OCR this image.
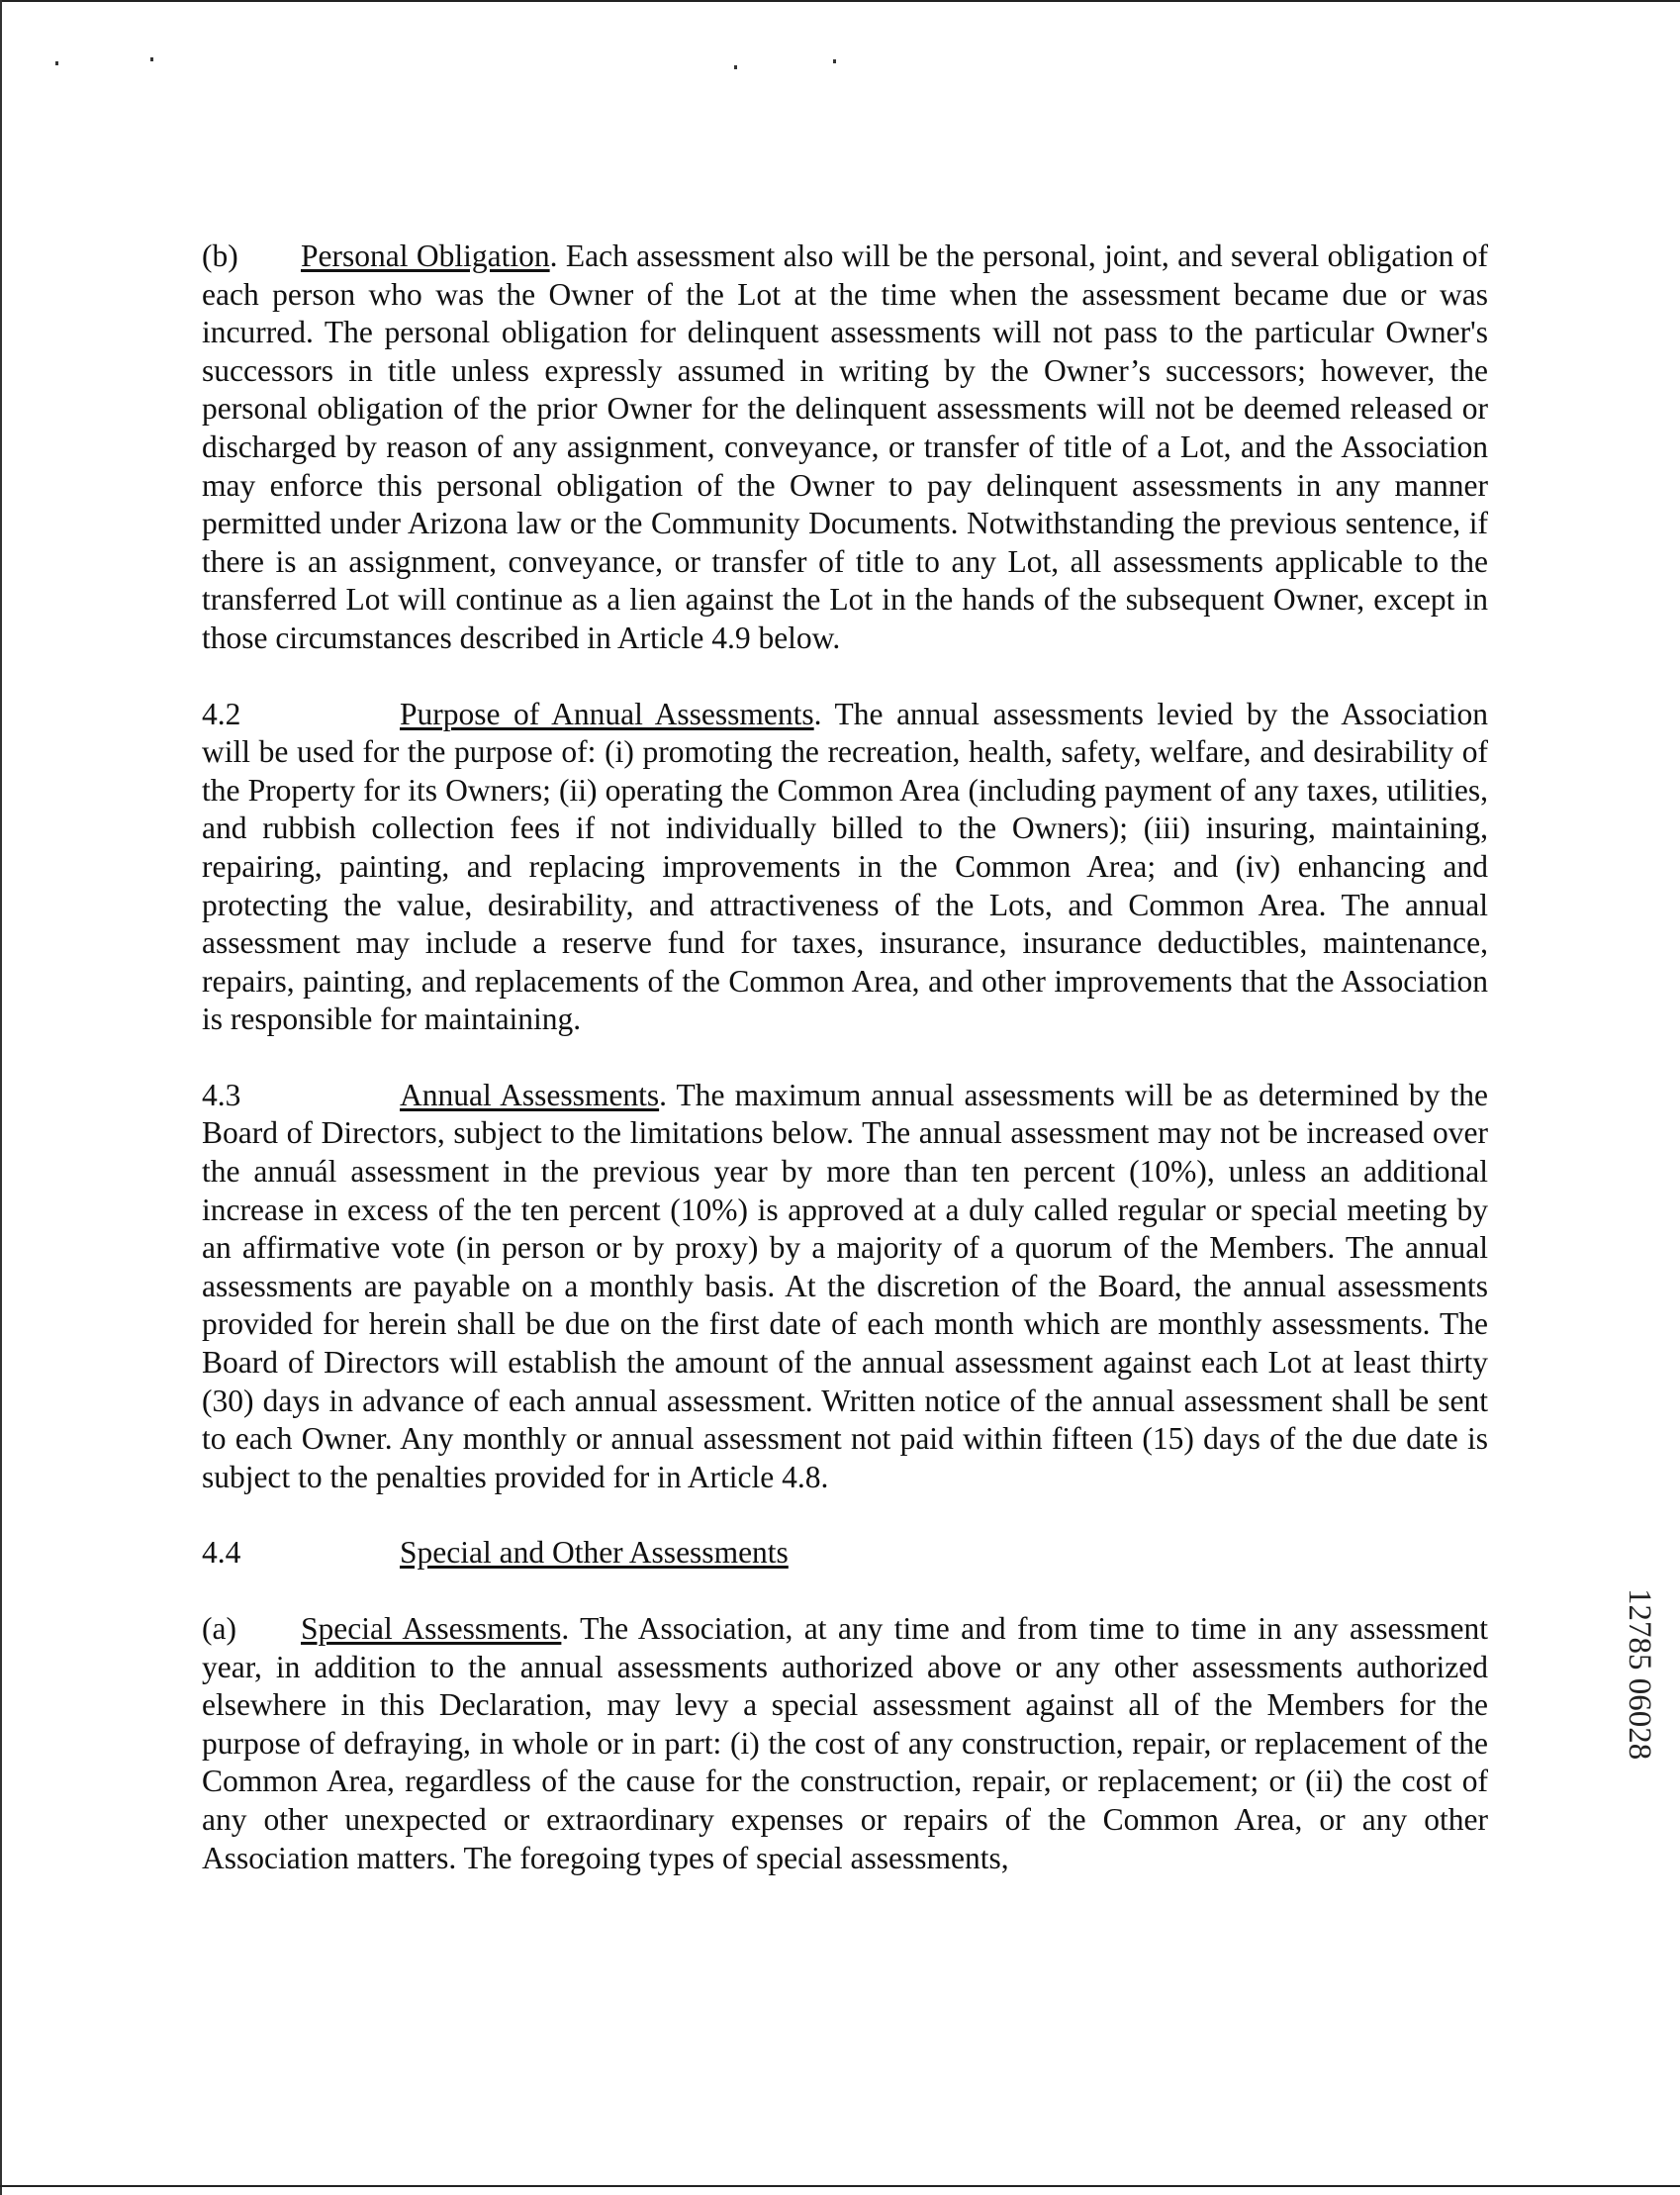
(b) Personal Obligation. Each assessment also will be the personal, joint, and several obligation of each person who was the Owner of the Lot at the time when the assessment became due or was incurred. The personal obligation for delinquent assessments will not pass to the particular Owner's successors in title unless expressly assumed in writing by the Owner’s successors; however, the personal obligation of the prior Owner for the delinquent assessments will not be deemed released or discharged by reason of any assignment, conveyance, or transfer of title of a Lot, and the Association may enforce this personal obligation of the Owner to pay delinquent assessments in any manner permitted under Arizona law or the Community Documents. Notwithstanding the previous sentence, if there is an assignment, conveyance, or transfer of title to any Lot, all assessments applicable to the transferred Lot will continue as a lien against the Lot in the hands of the subsequent Owner, except in those circumstances described in Article 4.9 below.

4.2	Purpose of Annual Assessments. The annual assessments levied by the Association will be used for the purpose of: (i) promoting the recreation, health, safety, welfare, and desirability of the Property for its Owners; (ii) operating the Common Area (including payment of any taxes, utilities, and rubbish collection fees if not individually billed to the Owners); (iii) insuring, maintaining, repairing, painting, and replacing improvements in the Common Area; and (iv) enhancing and protecting the value, desirability, and attractiveness of the Lots, and Common Area. The annual assessment may include a reserve fund for taxes, insurance, insurance deductibles, maintenance, repairs, painting, and replacements of the Common Area, and other improvements that the Association is responsible for maintaining.

4.3	Annual Assessments. The maximum annual assessments will be as determined by the Board of Directors, subject to the limitations below. The annual assessment may not be increased over the annuál assessment in the previous year by more than ten percent (10%), unless an additional increase in excess of the ten percent (10%) is approved at a duly called regular or special meeting by an affirmative vote (in person or by proxy) by a majority of a quorum of the Members. The annual assessments are payable on a monthly basis. At the discretion of the Board, the annual assessments provided for herein shall be due on the first date of each month which are monthly assessments. The Board of Directors will establish the amount of the annual assessment against each Lot at least thirty (30) days in advance of each annual assessment. Written notice of the annual assessment shall be sent to each Owner. Any monthly or annual assessment not paid within fifteen (15) days of the due date is subject to the penalties provided for in Article 4.8.

4.4	Special and Other Assessments

(a) Special Assessments. The Association, at any time and from time to time in any assessment year, in addition to the annual assessments authorized above or any other assessments authorized elsewhere in this Declaration, may levy a special assessment against all of the Members for the purpose of defraying, in whole or in part: (i) the cost of any construction, repair, or replacement of the Common Area, regardless of the cause for the construction, repair, or replacement; or (ii) the cost of any other unexpected or extraordinary expenses or repairs of the Common Area, or any other Association matters. The foregoing types of special assessments,

12785 06028
